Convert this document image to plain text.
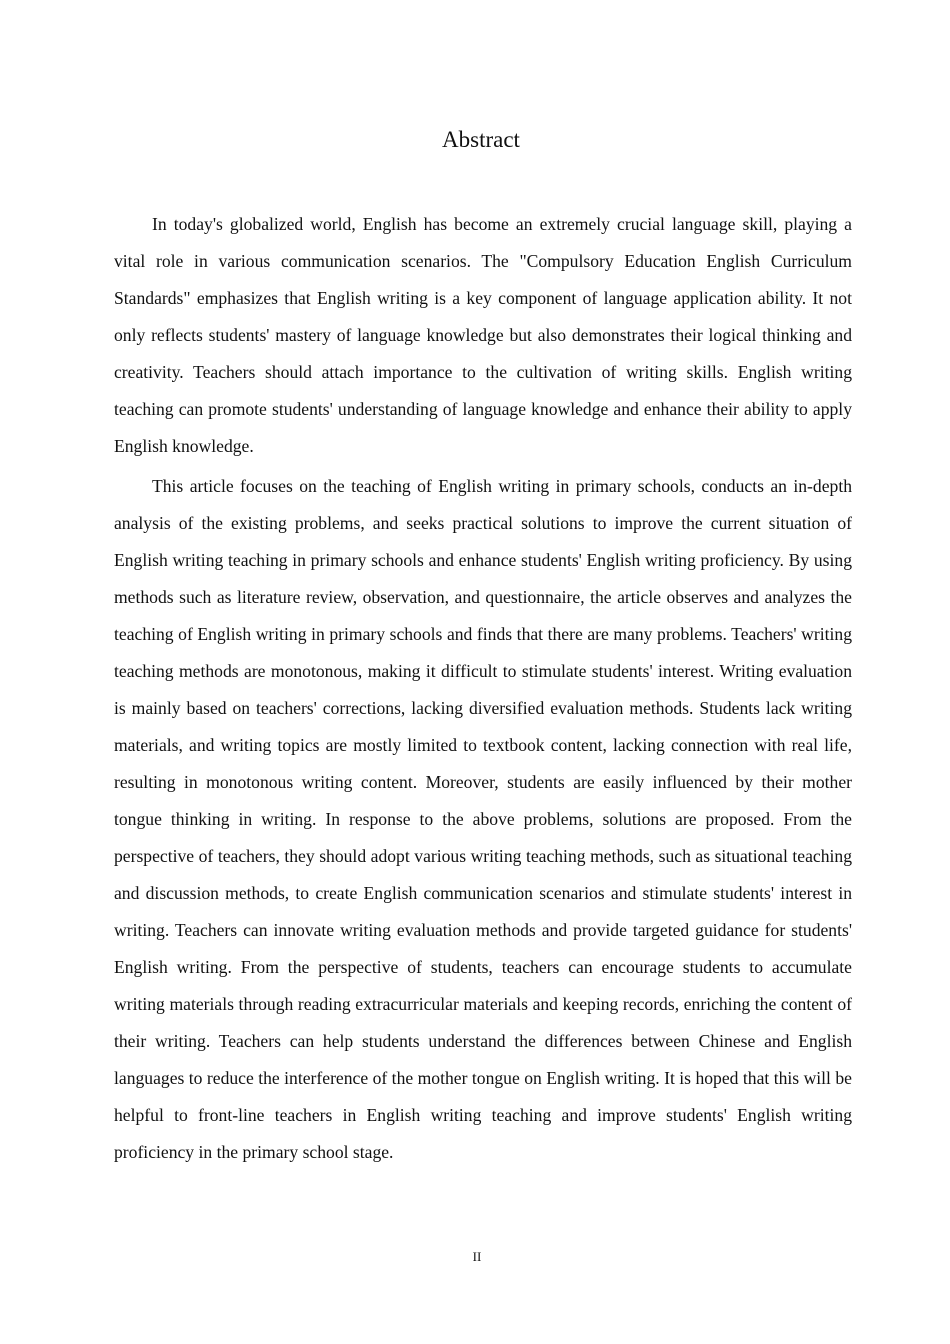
Abstract

In today's globalized world, English has become an extremely crucial language skill, playing a vital role in various communication scenarios. The "Compulsory Education English Curriculum Standards" emphasizes that English writing is a key component of language application ability. It not only reflects students' mastery of language knowledge but also demonstrates their logical thinking and creativity. Teachers should attach importance to the cultivation of writing skills. English writing teaching can promote students' understanding of language knowledge and enhance their ability to apply English knowledge.

This article focuses on the teaching of English writing in primary schools, conducts an in-depth analysis of the existing problems, and seeks practical solutions to improve the current situation of English writing teaching in primary schools and enhance students' English writing proficiency. By using methods such as literature review, observation, and questionnaire, the article observes and analyzes the teaching of English writing in primary schools and finds that there are many problems. Teachers' writing teaching methods are monotonous, making it difficult to stimulate students' interest. Writing evaluation is mainly based on teachers' corrections, lacking diversified evaluation methods. Students lack writing materials, and writing topics are mostly limited to textbook content, lacking connection with real life, resulting in monotonous writing content. Moreover, students are easily influenced by their mother tongue thinking in writing. In response to the above problems, solutions are proposed. From the perspective of teachers, they should adopt various writing teaching methods, such as situational teaching and discussion methods, to create English communication scenarios and stimulate students' interest in writing. Teachers can innovate writing evaluation methods and provide targeted guidance for students' English writing. From the perspective of students, teachers can encourage students to accumulate writing materials through reading extracurricular materials and keeping records, enriching the content of their writing. Teachers can help students understand the differences between Chinese and English languages to reduce the interference of the mother tongue on English writing. It is hoped that this will be helpful to front-line teachers in English writing teaching and improve students' English writing proficiency in the primary school stage.

II
